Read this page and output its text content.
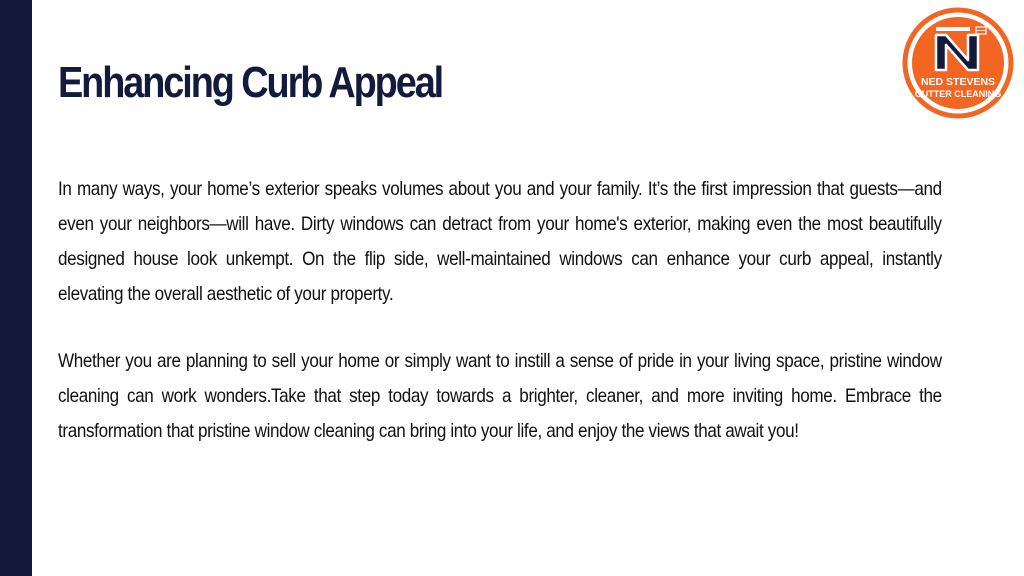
Enhancing Curb Appeal

In many ways, your home’s exterior speaks volumes about you and your family. It’s the first impression that guests—and even your neighbors—will have. Dirty windows can detract from your home's exterior, making even the most beautifully designed house look unkempt. On the flip side, well-maintained windows can enhance your curb appeal, instantly elevating the overall aesthetic of your property.

Whether you are planning to sell your home or simply want to instill a sense of pride in your living space, pristine window cleaning can work wonders.Take that step today towards a brighter, cleaner, and more inviting home. Embrace the transformation that pristine window cleaning can bring into your life, and enjoy the views that await you!

NED STEVENS
GUTTER CLEANING
